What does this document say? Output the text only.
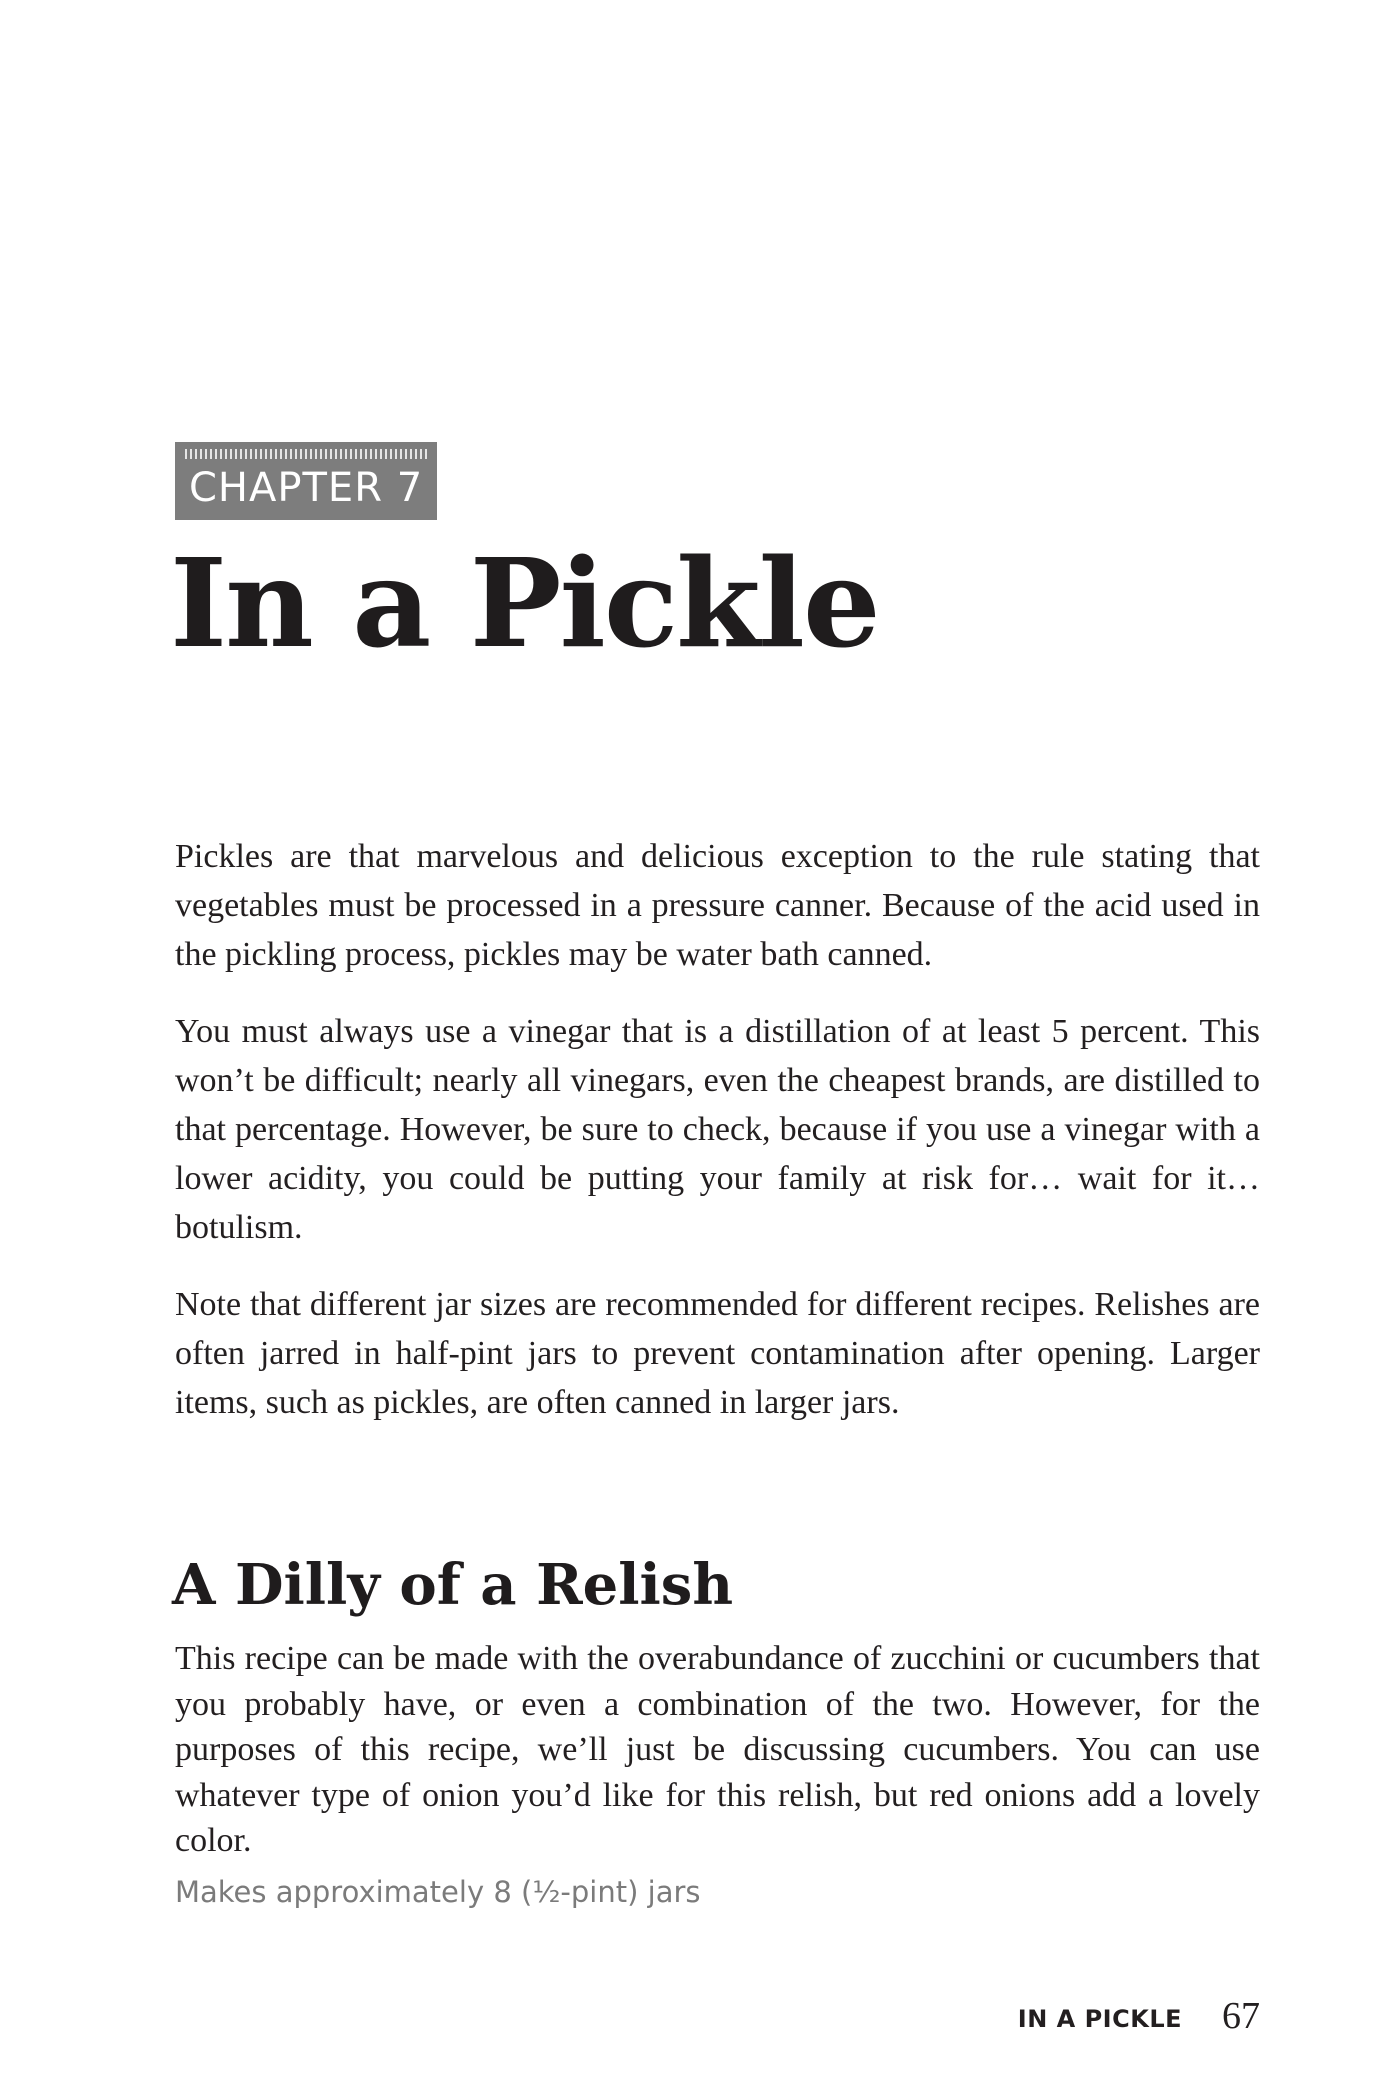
CHAPTER 7
In a Pickle

Pickles are that marvelous and delicious exception to the rule stating that vegetables must be processed in a pressure canner. Because of the acid used in the pickling process, pickles may be water bath canned.

You must always use a vinegar that is a distillation of at least 5 percent. This won’t be difficult; nearly all vinegars, even the cheapest brands, are distilled to that percentage. However, be sure to check, because if you use a vinegar with a lower acidity, you could be putting your family at risk for… wait for it…botulism.

Note that different jar sizes are recommended for different recipes. Relishes are often jarred in half-pint jars to prevent contamination after opening. Larger items, such as pickles, are often canned in larger jars.

A Dilly of a Relish

This recipe can be made with the overabundance of zucchini or cucumbers that you probably have, or even a combination of the two. However, for the purposes of this recipe, we’ll just be discussing cucumbers. You can use whatever type of onion you’d like for this relish, but red onions add a lovely color.

Makes approximately 8 (½-pint) jars

IN A PICKLE 67
